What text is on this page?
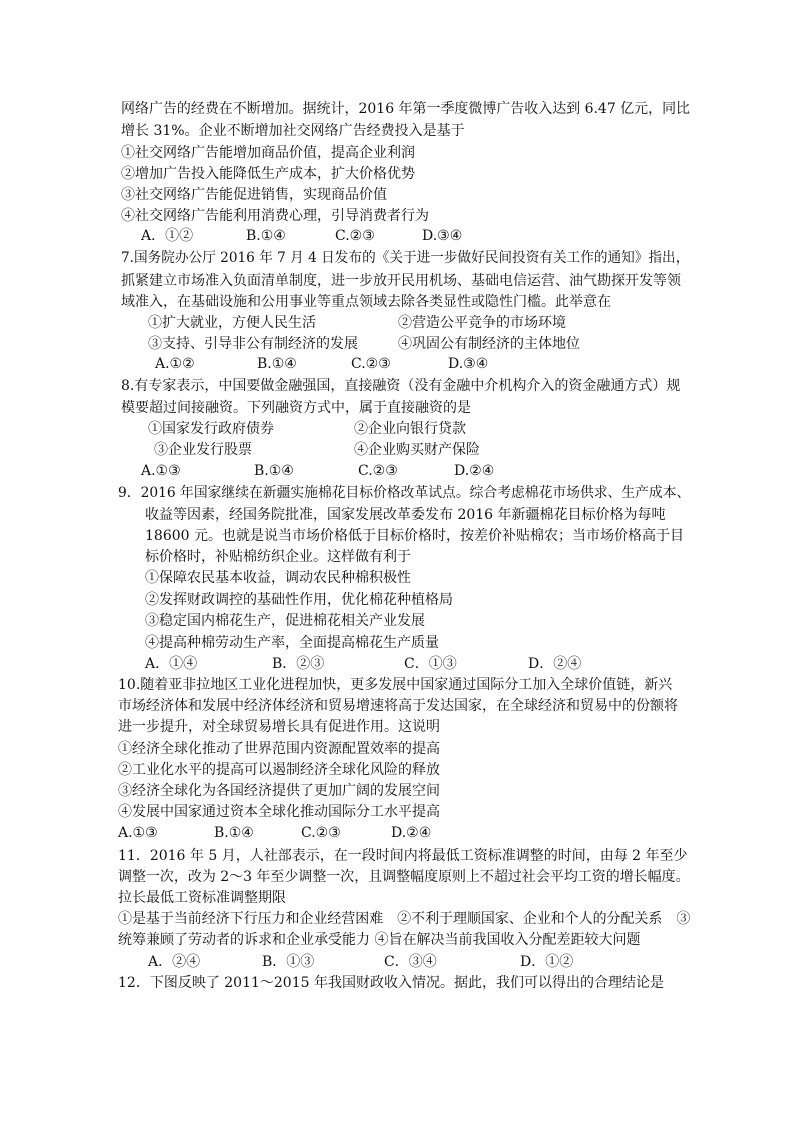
网络广告的经费在不断增加。据统计，2016 年第一季度微博广告收入达到 6.47 亿元，同比
增长 31%。企业不断增加社交网络广告经费投入是基于
①社交网络广告能增加商品价值，提高企业利润
②增加广告投入能降低生产成本，扩大价格优势
③社交网络广告能促进销售，实现商品价值
④社交网络广告能利用消费心理，引导消费者行为
A．①②	B.①④	C.②③	D.③④
7.国务院办公厅 2016 年 7 月 4 日发布的《关于进一步做好民间投资有关工作的通知》指出，
抓紧建立市场准入负面清单制度，进一步放开民用机场、基础电信运营、油气勘探开发等领
域准入，在基础设施和公用事业等重点领域去除各类显性或隐性门槛。此举意在
①扩大就业，方便人民生活	②营造公平竞争的市场环境
③支持、引导非公有制经济的发展	④巩固公有制经济的主体地位
A.①②	B.①④	C.②③	D.③④
8.有专家表示，中国要做金融强国，直接融资（没有金融中介机构介入的资金融通方式）规
模要超过间接融资。下列融资方式中，属于直接融资的是
①国家发行政府债券	②企业向银行贷款
③企业发行股票	④企业购买财产保险
A.①③	B.①④	C.②③	D.②④
9．2016 年国家继续在新疆实施棉花目标价格改革试点。综合考虑棉花市场供求、生产成本、
收益等因素，经国务院批准，国家发展改革委发布 2016 年新疆棉花目标价格为每吨
18600 元。也就是说当市场价格低于目标价格时，按差价补贴棉农；当市场价格高于目
标价格时，补贴棉纺织企业。这样做有利于
①保障农民基本收益，调动农民种棉积极性
②发挥财政调控的基础性作用，优化棉花种植格局
③稳定国内棉花生产，促进棉花相关产业发展
④提高种棉劳动生产率，全面提高棉花生产质量
A．①④	B．②③	C．①③	D．②④
10.随着亚非拉地区工业化进程加快，更多发展中国家通过国际分工加入全球价值链，新兴
市场经济体和发展中经济体经济和贸易增速将高于发达国家，在全球经济和贸易中的份额将
进一步提升，对全球贸易增长具有促进作用。这说明
①经济全球化推动了世界范围内资源配置效率的提高
②工业化水平的提高可以遏制经济全球化风险的释放
③经济全球化为各国经济提供了更加广阔的发展空间
④发展中国家通过资本全球化推动国际分工水平提高
A.①③	B.①④	C.②③	D.②④
11．2016 年 5 月，人社部表示，在一段时间内将最低工资标准调整的时间，由每 2 年至少
调整一次，改为 2～3 年至少调整一次，且调整幅度原则上不超过社会平均工资的增长幅度。
拉长最低工资标准调整期限
①是基于当前经济下行压力和企业经营困难　②不利于理顺国家、企业和个人的分配关系　③
统筹兼顾了劳动者的诉求和企业承受能力 ④旨在解决当前我国收入分配差距较大问题
A．②④	B．①③	C．③④	D．①②
12．下图反映了 2011～2015 年我国财政收入情况。据此，我们可以得出的合理结论是
